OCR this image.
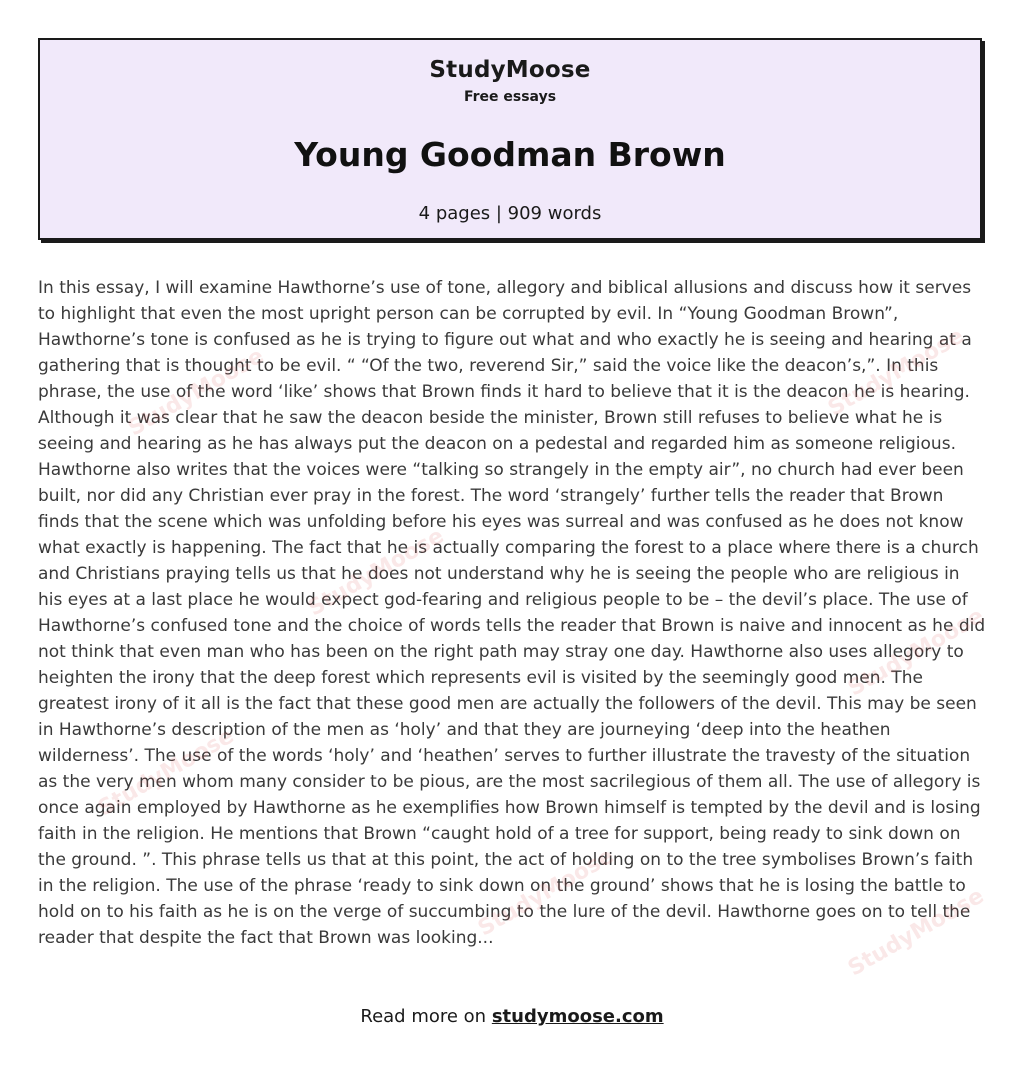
StudyMoose
Free essays
Young Goodman Brown
4 pages | 909 words

In this essay, I will examine Hawthorne’s use of tone, allegory and biblical allusions and discuss how it serves to highlight that even the most upright person can be corrupted by evil. In “Young Goodman Brown”, Hawthorne’s tone is confused as he is trying to figure out what and who exactly he is seeing and hearing at a gathering that is thought to be evil. “ “Of the two, reverend Sir,” said the voice like the deacon’s,”. In this phrase, the use of the word ‘like’ shows that Brown finds it hard to believe that it is the deacon he is hearing. Although it was clear that he saw the deacon beside the minister, Brown still refuses to believe what he is seeing and hearing as he has always put the deacon on a pedestal and regarded him as someone religious. Hawthorne also writes that the voices were “talking so strangely in the empty air”, no church had ever been built, nor did any Christian ever pray in the forest. The word ‘strangely’ further tells the reader that Brown finds that the scene which was unfolding before his eyes was surreal and was confused as he does not know what exactly is happening. The fact that he is actually comparing the forest to a place where there is a church and Christians praying tells us that he does not understand why he is seeing the people who are religious in his eyes at a last place he would expect god-fearing and religious people to be – the devil’s place. The use of Hawthorne’s confused tone and the choice of words tells the reader that Brown is naive and innocent as he did not think that even man who has been on the right path may stray one day. Hawthorne also uses allegory to heighten the irony that the deep forest which represents evil is visited by the seemingly good men. The greatest irony of it all is the fact that these good men are actually the followers of the devil. This may be seen in Hawthorne’s description of the men as ‘holy’ and that they are journeying ‘deep into the heathen wilderness’. The use of the words ‘holy’ and ‘heathen’ serves to further illustrate the travesty of the situation as the very men whom many consider to be pious, are the most sacrilegious of them all. The use of allegory is once again employed by Hawthorne as he exemplifies how Brown himself is tempted by the devil and is losing faith in the religion. He mentions that Brown “caught hold of a tree for support, being ready to sink down on the ground. ”. This phrase tells us that at this point, the act of holding on to the tree symbolises Brown’s faith in the religion. The use of the phrase ‘ready to sink down on the ground’ shows that he is losing the battle to hold on to his faith as he is on the verge of succumbing to the lure of the devil. Hawthorne goes on to tell the reader that despite the fact that Brown was looking...

StudyMoose	StudyMoose
StudyMoose
StudyMoose
StudyMoose
StudyMoose	StudyMoose
Read more on studymoose.com
